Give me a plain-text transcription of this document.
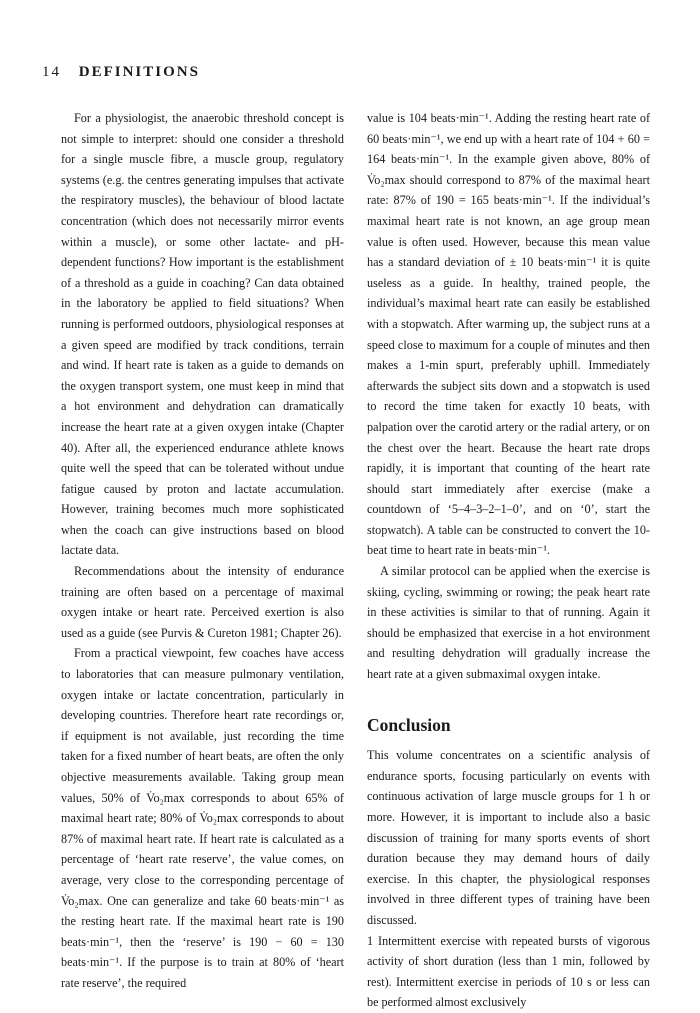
14 DEFINITIONS

For a physiologist, the anaerobic threshold concept is not simple to interpret: should one consider a threshold for a single muscle fibre, a muscle group, regulatory systems (e.g. the centres generating impulses that activate the respiratory muscles), the behaviour of blood lactate concentration (which does not necessarily mirror events within a muscle), or some other lactate- and pH-dependent functions? How important is the establishment of a threshold as a guide in coaching? Can data obtained in the laboratory be applied to field situations? When running is performed outdoors, physiological responses at a given speed are modified by track conditions, terrain and wind. If heart rate is taken as a guide to demands on the oxygen transport system, one must keep in mind that a hot environment and dehydration can dramatically increase the heart rate at a given oxygen intake (Chapter 40). After all, the experienced endurance athlete knows quite well the speed that can be tolerated without undue fatigue caused by proton and lactate accumulation. However, training becomes much more sophisticated when the coach can give instructions based on blood lactate data.

Recommendations about the intensity of endurance training are often based on a percentage of maximal oxygen intake or heart rate. Perceived exertion is also used as a guide (see Purvis & Cureton 1981; Chapter 26).

From a practical viewpoint, few coaches have access to laboratories that can measure pulmonary ventilation, oxygen intake or lactate concentration, particularly in developing countries. Therefore heart rate recordings or, if equipment is not available, just recording the time taken for a fixed number of heart beats, are often the only objective measurements available. Taking group mean values, 50% of V̇o₂max corresponds to about 65% of maximal heart rate; 80% of V̇o₂max corresponds to about 87% of maximal heart rate. If heart rate is calculated as a percentage of ‘heart rate reserve’, the value comes, on average, very close to the corresponding percentage of V̇o₂max. One can generalize and take 60 beats·min⁻¹ as the resting heart rate. If the maximal heart rate is 190 beats·min⁻¹, then the ‘reserve’ is 190 − 60 = 130 beats·min⁻¹. If the purpose is to train at 80% of ‘heart rate reserve’, the required

value is 104 beats·min⁻¹. Adding the resting heart rate of 60 beats·min⁻¹, we end up with a heart rate of 104 + 60 = 164 beats·min⁻¹. In the example given above, 80% of V̇o₂max should correspond to 87% of the maximal heart rate: 87% of 190 = 165 beats·min⁻¹. If the individual’s maximal heart rate is not known, an age group mean value is often used. However, because this mean value has a standard deviation of ± 10 beats·min⁻¹ it is quite useless as a guide. In healthy, trained people, the individual’s maximal heart rate can easily be established with a stopwatch. After warming up, the subject runs at a speed close to maximum for a couple of minutes and then makes a 1-min spurt, preferably uphill. Immediately afterwards the subject sits down and a stopwatch is used to record the time taken for exactly 10 beats, with palpation over the carotid artery or the radial artery, or on the chest over the heart. Because the heart rate drops rapidly, it is important that counting of the heart rate should start immediately after exercise (make a countdown of ‘5–4–3–2–1–0’, and on ‘0’, start the stopwatch). A table can be constructed to convert the 10-beat time to heart rate in beats·min⁻¹.

A similar protocol can be applied when the exercise is skiing, cycling, swimming or rowing; the peak heart rate in these activities is similar to that of running. Again it should be emphasized that exercise in a hot environment and resulting dehydration will gradually increase the heart rate at a given submaximal oxygen intake.

Conclusion

This volume concentrates on a scientific analysis of endurance sports, focusing particularly on events with continuous activation of large muscle groups for 1 h or more. However, it is important to include also a basic discussion of training for many sports events of short duration because they may demand hours of daily exercise. In this chapter, the physiological responses involved in three different types of training have been discussed.

1 Intermittent exercise with repeated bursts of vigorous activity of short duration (less than 1 min, followed by rest). Intermittent exercise in periods of 10 s or less can be performed almost exclusively
